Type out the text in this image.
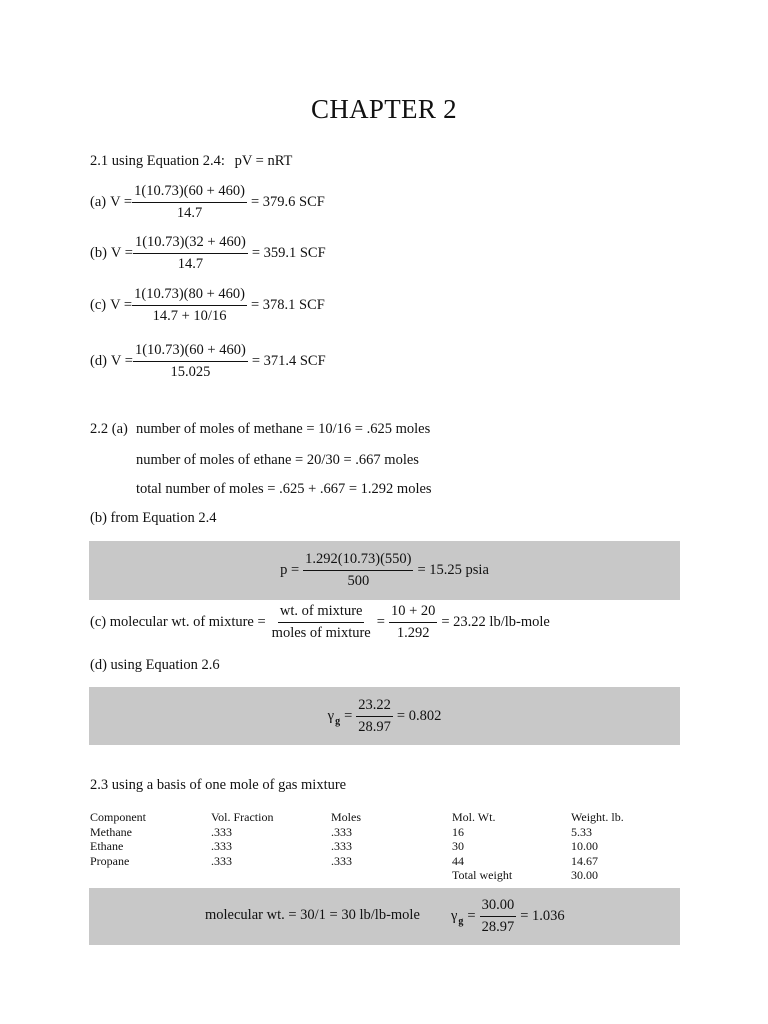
CHAPTER 2
2.1 using Equation 2.4: pV = nRT
(a) $V = \frac{1(10.73)(60 + 460)}{14.7} = 379.6$ SCF
(b) $V = \frac{1(10.73)(32 + 460)}{14.7} = 359.1$ SCF
(c) $V = \frac{1(10.73)(80 + 460)}{14.7 + 10/16} = 378.1$ SCF
(d) $V = \frac{1(10.73)(60 + 460)}{15.025} = 371.4$ SCF
2.2 (a) number of moles of methane = 10/16 = .625 moles
number of moles of ethane = 20/30 = .667 moles
total number of moles = .625 + .667 = 1.292 moles
(b) from Equation 2.4
$p = \frac{1.292(10.73)(550)}{500} = 15.25$ psia
(c) molecular wt. of mixture = $\frac{\text{wt. of mixture}}{\text{moles of mixture}} = \frac{10 + 20}{1.292} = 23.22$ lb/lb-mole
(d) using Equation 2.6
γ $g = \frac{23.22}{28.97} = 0.802$
2.3 using a basis of one mole of gas mixture
Component	Vol. Fraction	Moles	Mol. Wt.	Weight. lb.
Methane	.333	.333	16	5.33
Ethane	.333	.333	30	10.00
Propane	.333	.333	44	14.67
			Total weight	30.00
molecular wt. = 30/1 = 30 lb/lb-mole γ $g = \frac{30.00}{28.97} = 1.036$
